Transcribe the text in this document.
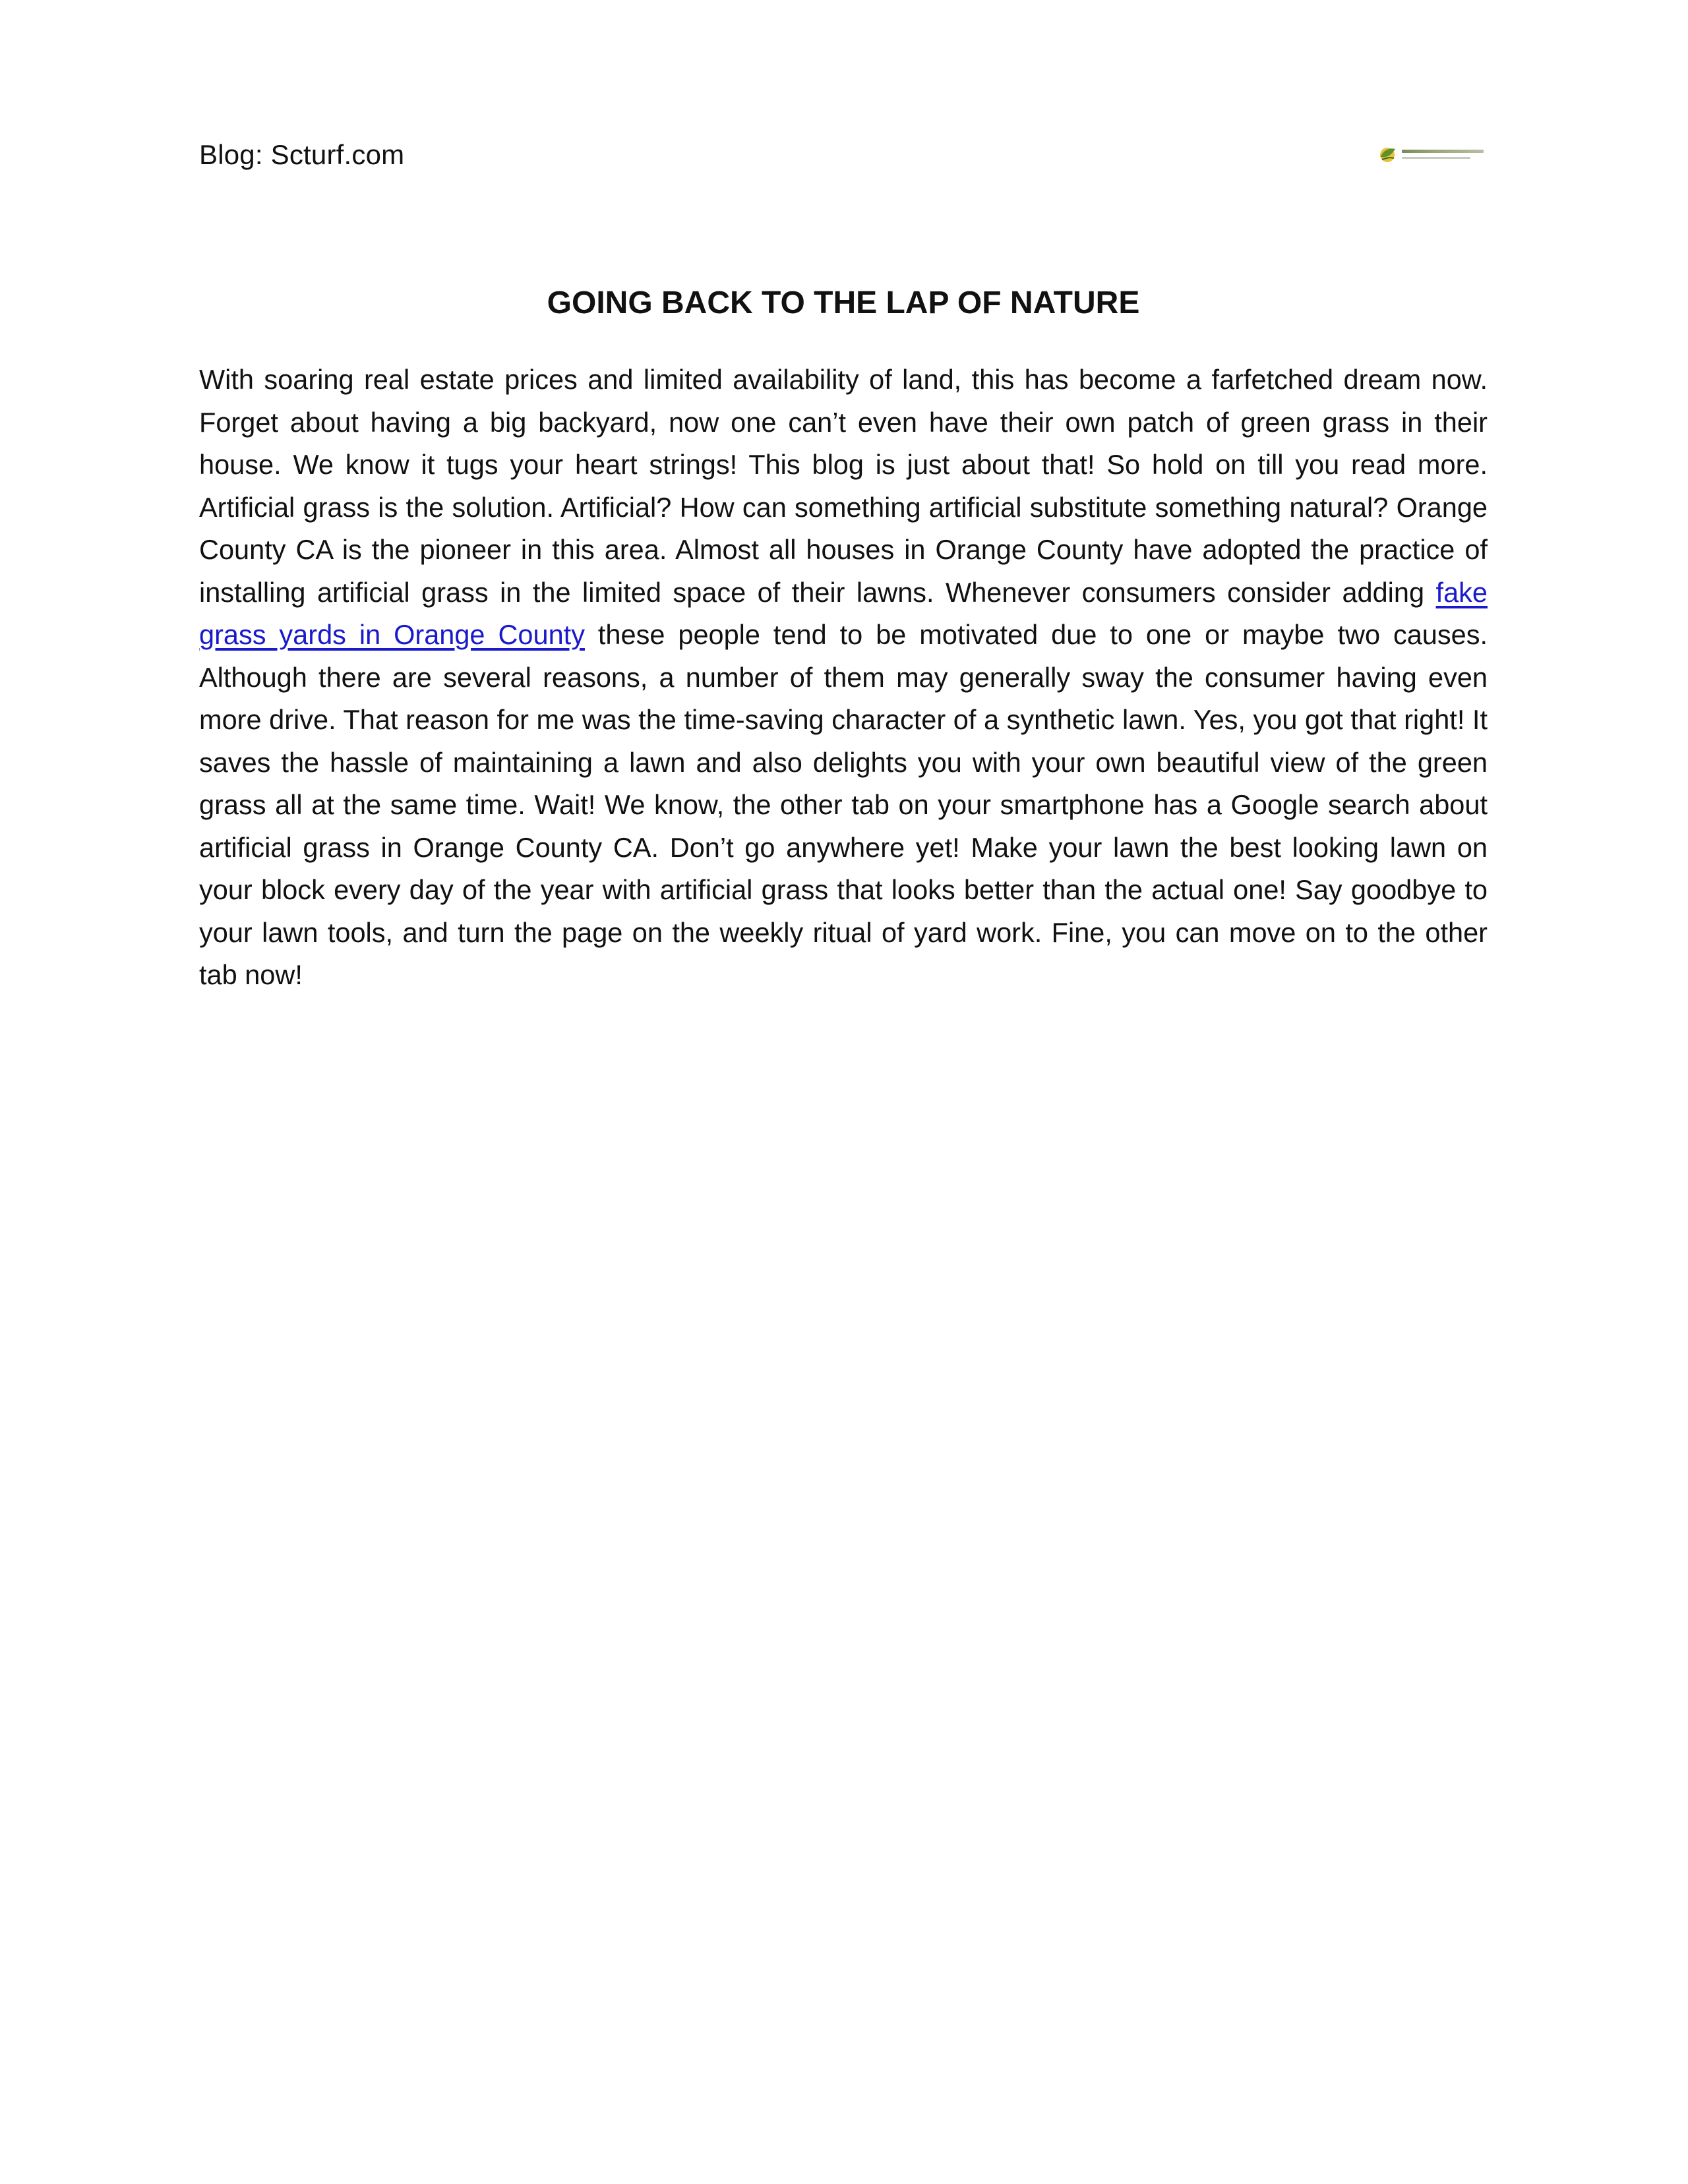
Blog: Scturf.com
GOING BACK TO THE LAP OF NATURE

With soaring real estate prices and limited availability of land, this has become a farfetched dream now. Forget about having a big backyard, now one can’t even have their own patch of green grass in their house. We know it tugs your heart strings! This blog is just about that! So hold on till you read more. Artificial grass is the solution. Artificial? How can something artificial substitute something natural? Orange County CA is the pioneer in this area. Almost all houses in Orange County have adopted the practice of installing artificial grass in the limited space of their lawns. Whenever consumers consider adding fake grass yards in Orange County these people tend to be motivated due to one or maybe two causes. Although there are several reasons, a number of them may generally sway the consumer having even more drive. That reason for me was the time-saving character of a synthetic lawn. Yes, you got that right! It saves the hassle of maintaining a lawn and also delights you with your own beautiful view of the green grass all at the same time. Wait! We know, the other tab on your smartphone has a Google search about artificial grass in Orange County CA. Don’t go anywhere yet! Make your lawn the best looking lawn on your block every day of the year with artificial grass that looks better than the actual one! Say goodbye to your lawn tools, and turn the page on the weekly ritual of yard work. Fine, you can move on to the other tab now!
